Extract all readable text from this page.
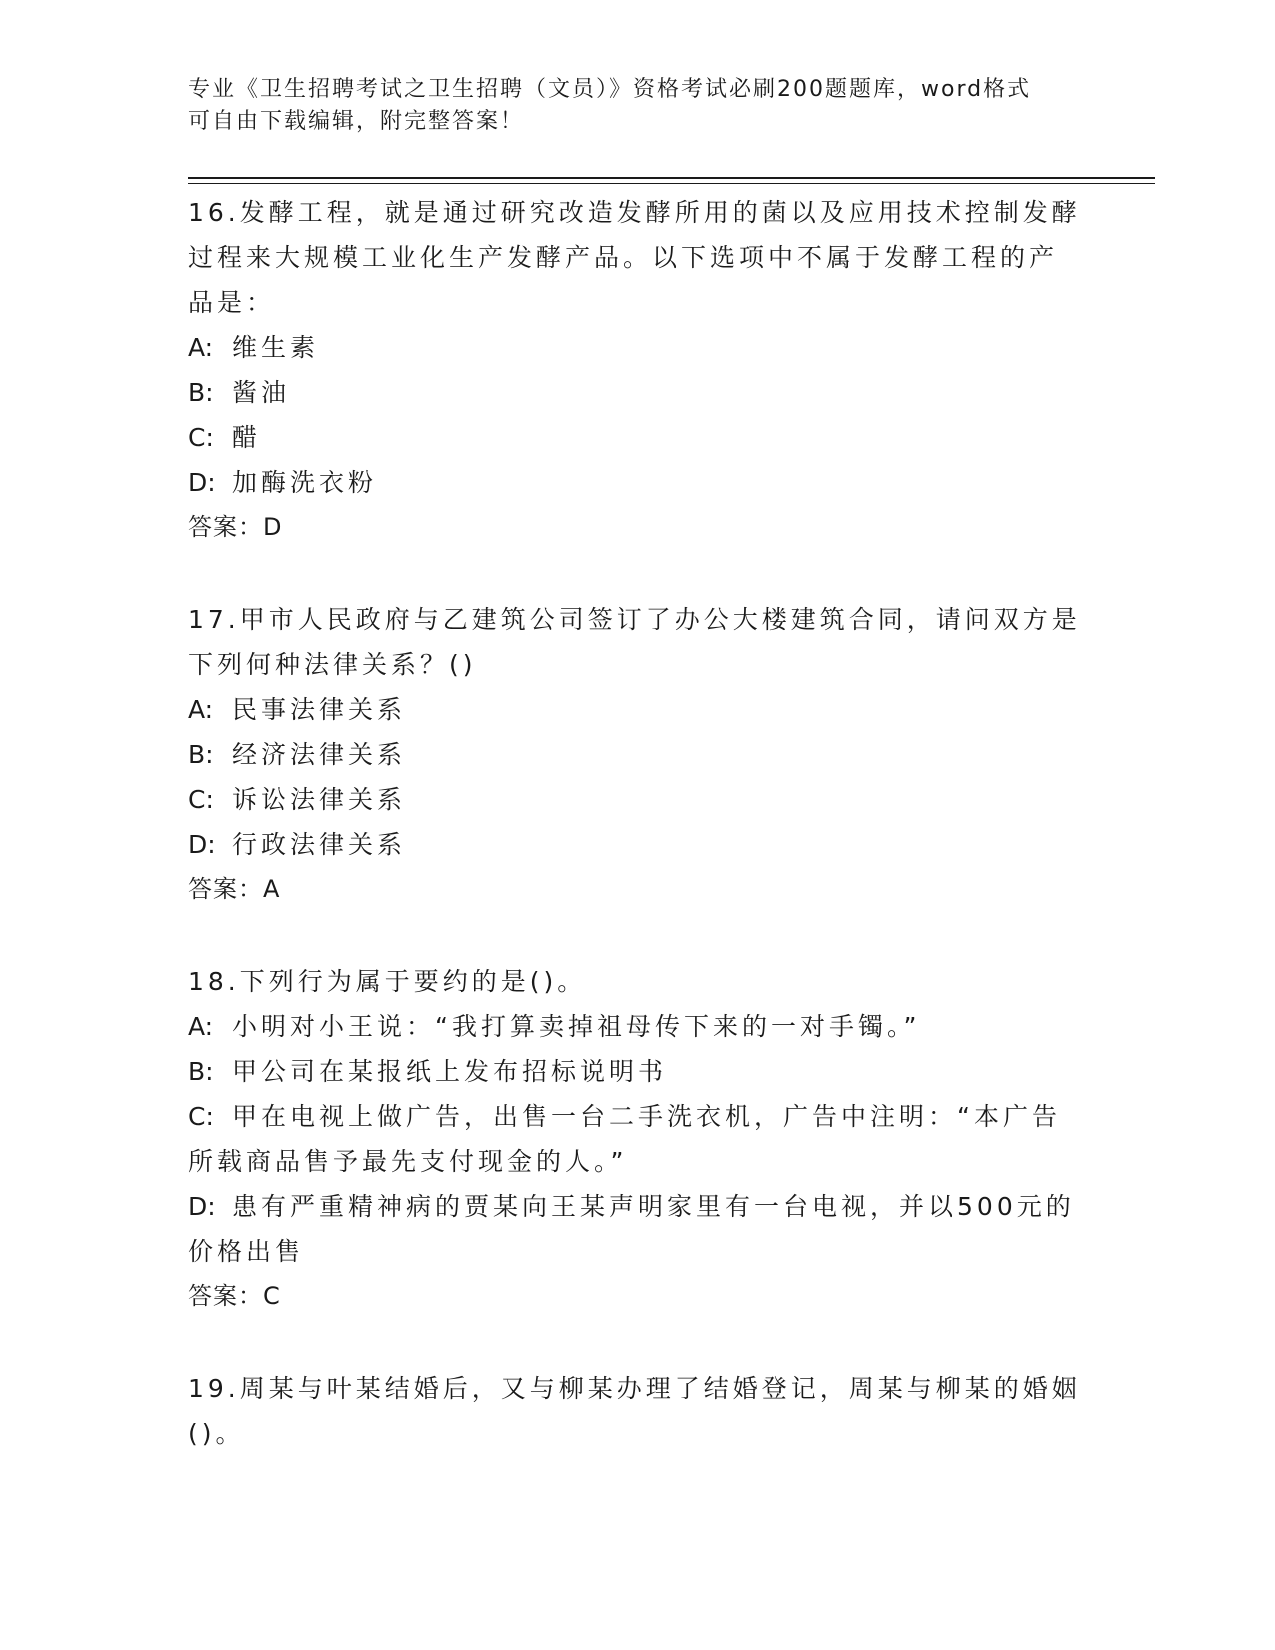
专业《卫生招聘考试之卫生招聘（文员）》资格考试必刷200题题库，word格式
可自由下载编辑，附完整答案！
16.发酵工程，就是通过研究改造发酵所用的菌以及应用技术控制发酵
过程来大规模工业化生产发酵产品。以下选项中不属于发酵工程的产
品是：
A: 维生素
B: 酱油
C: 醋
D: 加酶洗衣粉
答案：D
17.甲市人民政府与乙建筑公司签订了办公大楼建筑合同，请问双方是
下列何种法律关系？()
A: 民事法律关系
B: 经济法律关系
C: 诉讼法律关系
D: 行政法律关系
答案：A
18.下列行为属于要约的是()。
A: 小明对小王说：“我打算卖掉祖母传下来的一对手镯。”
B: 甲公司在某报纸上发布招标说明书
C: 甲在电视上做广告，出售一台二手洗衣机，广告中注明：“本广告
所载商品售予最先支付现金的人。”
D: 患有严重精神病的贾某向王某声明家里有一台电视，并以500元的
价格出售
答案：C
19.周某与叶某结婚后，又与柳某办理了结婚登记，周某与柳某的婚姻
()。
